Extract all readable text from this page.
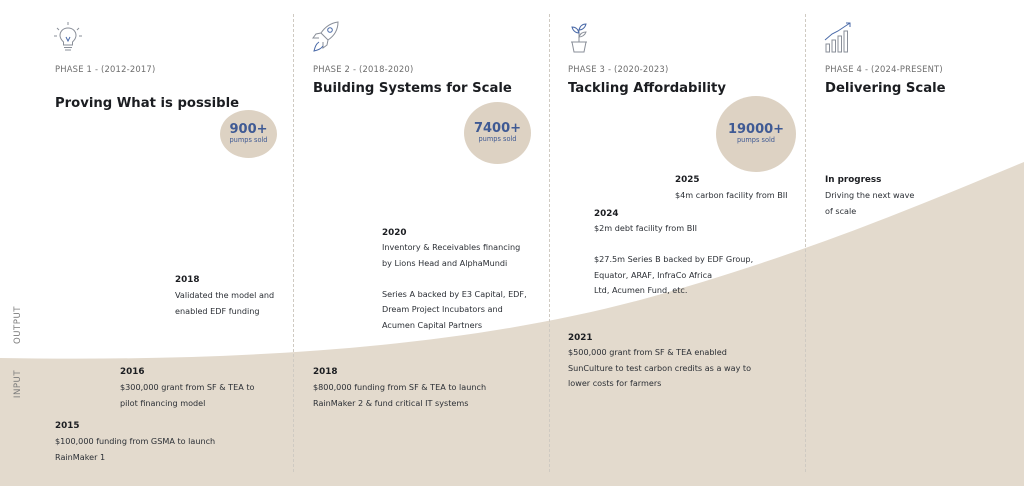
OUTPUT
INPUT
PHASE 1 - (2012-2017)
Proving What is possible
900+
pumps sold
PHASE 2 - (2018-2020)
Building Systems for Scale
7400+
pumps sold
PHASE 3 - (2020-2023)
Tackling Affordability
19000+
pumps sold
PHASE 4 - (2024-PRESENT)
Delivering Scale
2015
$100,000 funding from GSMA to launch
RainMaker 1
2016
$300,000 grant from SF & TEA to
pilot financing model
2018
Validated the model and
enabled EDF funding
2018
$800,000 funding from SF & TEA to launch
RainMaker 2 & fund critical IT systems
2020
Inventory & Receivables financing
by Lions Head and AlphaMundi

Series A backed by E3 Capital, EDF,
Dream Project Incubators and
Acumen Capital Partners
2021
$500,000 grant from SF & TEA enabled
SunCulture to test carbon credits as a way to
lower costs for farmers
2024
$2m debt facility from BII

$27.5m Series B backed by EDF Group,
Equator, ARAF, InfraCo Africa
Ltd, Acumen Fund, etc.
2025
$4m carbon facility from BII
In progress
Driving the next wave
of scale
